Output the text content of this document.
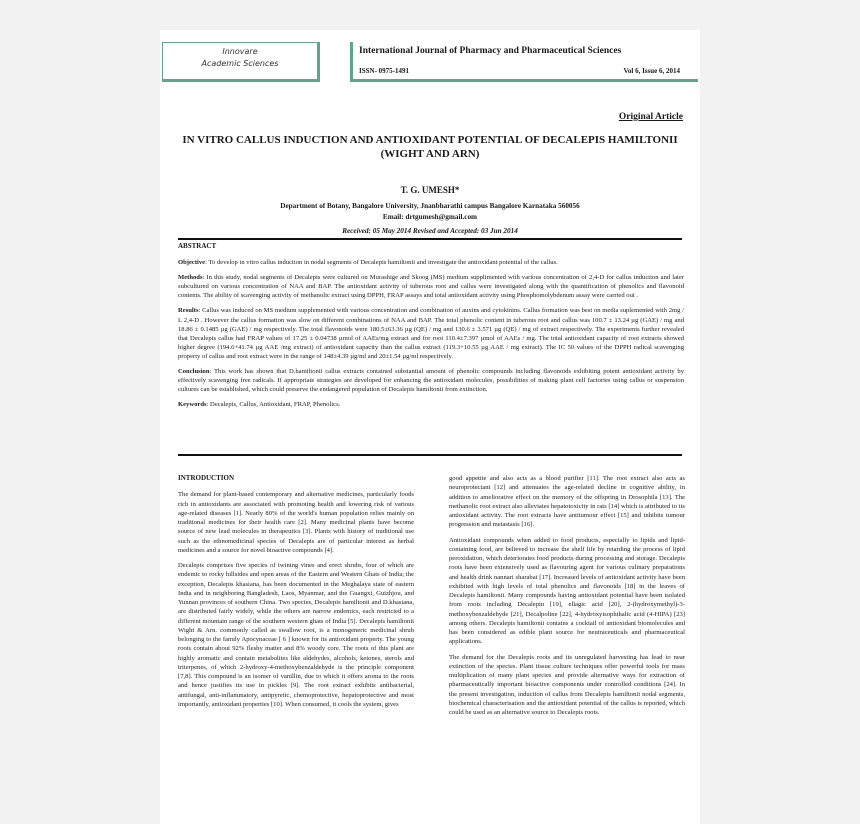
Innovare
Academic Sciences
International Journal of Pharmacy and Pharmaceutical Sciences
ISSN- 0975-1491	Vol 6, Issue 6, 2014
Original Article
IN VITRO CALLUS INDUCTION AND ANTIOXIDANT POTENTIAL OF DECALEPIS HAMILTONII (WIGHT AND ARN)
T. G. UMESH*
Department of Botany, Bangalore University, Jnanbharathi campus Bangalore Karnataka 560056
Email: drtgumesh@gmail.com
Received: 05 May 2014 Revised and Accepted: 03 Jun 2014
ABSTRACT

Objective: To develop in vitro callus induction in nodal segments of Decalepis hamiltonii and investigate the antioxidant potential of the callus.

Methods: In this study, nodal segments of Decalepis were cultured on Murashige and Skoog (MS) medium supplimented with various concentration of 2,4-D for callus induction and later subcultured on various concentration of NAA and BAP. The antioxidant activity of tuberous root and callus were investigated along with the quantification of phenolics and flavonoid contents. The ability of scavenging activity of methanolic extract using DPPH, FRAP assays and total antioxidant activity using Phosphomolybdenum assay were carried out .

Results: Callus was induced on MS medium supplemented with various concentration and combination of auxins and cytokinins. Callus formation was best on media suplemented with 2mg / L 2,4-D . However the callus formation was slow on different combinations of NAA and BAP. The total phenolic content in tuberous root and callus was 100.7 ± 13.24 µg (GAE) / mg and 18.86 ± 0.1485 µg (GAE) / mg respectively. The total flavonoids were 180.5±63.36 µg (QE) / mg and 130.6 ± 3.571 µg (QE) / mg of extract respectively. The experiments further revealed that Decalepis callus had FRAP values of 17.25 ± 0.04738 µmol of AAEs/mg extract and for root 110.4±7.397 µmol of AAEs / mg. The total antioxidant capacity of root extracts showed higher degree (194.6+41.74 µg AAE /mg extract) of antioxidant capacity than the callus extract (119.3+10.55 µg AAE / mg extract). The IC 50 values of the DPPH radical scavenging property of callus and root extract were in the range of 148±4.39 µg/ml and 20±1.54 µg/ml respectively.

Conclusion: This work has shown that D.hamiltonii callus extracts contained substantial amount of phenolic compounds including flavonoids exhibiting potent antioxidant activity by effectively scavenging free radicals. If appropriate strategies are developed for enhancing the antioxidant molecules, possibilities of making plant cell factories using callus or suspension cultures can be established, which could preserve the endangered population of Decalepis hamiltonii from extinction.

Keywords: Decalepis, Callus, Antioxidant, FRAP, Phenolics.

INTRODUCTION

The demand for plant-based contemporary and alternative medicines, particularly foods rich in antioxidants are associated with promoting health and lowering risk of various age-related diseases [1]. Nearly 80% of the world's human population relies mainly on traditional medicines for their health care [2]. Many medicinal plants have become source of new lead molecules in therapeutics [3]. Plants with history of traditional use such as the ethnomedicinal species of Decalepis are of particular interest as herbal medicines and a source for novel bioactive compounds [4].

Decalepis comprises five species of twining vines and erect shrubs, four of which are endemic to rocky hillsides and open areas of the Eastern and Western Ghats of India; the exception, Decalepis khasiana, has been documented in the Meghalaya state of eastern India and in neighboring Bangladesh, Laos, Myanmar, and the Guangxi, Guizhjou, and Yunnan provinces of southern China. Two species, Decalepis hamiltonii and D.khasiana, are distributed fairly widely, while the others are narrow endemics, each restricted to a different mountain range of the southern western ghats of India [5]. Decalepis hamiltonii Wight & Arn. commonly called as swallow root, is a monogeneric medicinal shrub belonging to the family Apocynaceae [ 6 ] known for its antioxidant property. The young roots contain about 92% fleshy matter and 8% woody core. The roots of this plant are highly aromatic and contain metabolites like aldehydes, alcohols, ketones, sterols and triterpenes, of which 2-hydroxy-4-methoxybenzaldehyde is the principle component [7,8]. This compound is an isomer of vanillin, due to which it offers aroma to the roots and hence justifies its use in pickles [9]. The root extract exhibits antibacterial, antifungal, anti-inflammatory, antipyretic, chemoprotective, hepatoprotective and most importantly, antioxidant properties [10]. When consumed, it cools the system, gives

good appetite and also acts as a blood purifier [11]. The root extract also acts as neuroprotectant [12] and attenuates the age-related decline in cognitive ability, in addition to ameliorative effect on the memory of the offspring in Drosophila [13]. The methanolic root extract also alleviates hepatotoxicity in rats [14] which is attributed to its antioxidant activity. The root extracts have antitumour effect [15] and inhibits tumour progression and metastasis [16].

Antioxidant compounds when added to food products, especially to lipids and lipid-containing food, are believed to increase the shelf life by retarding the process of lipid peroxidation, which deteriorates food products during processing and storage. Decalepis roots have been extensively used as flavouring agent for various culinary preparations and health drink nannari sharabat [17]. Increased levels of antioxidant activity have been exhibited with high levels of total phenolics and flavonoids [18] in the leaves of Decalepis hamiltonii. Many compounds having antioxidant potential have been isolated from roots including Decalepin [19], ellagic acid [20], 2-(hydroxymethyl)-3-methoxybenzaldehyde [21], Decalpoline [22], 4-hydroxyisophthalic acid (4-HIPA) [23] among others. Decalepis hamiltonii contains a cocktail of antioxidant biomolecules and has been considered as edible plant source for neutraceuticals and pharmaceutical applications.

The demand for the Decalepis roots and its unregulated harvesting has lead to near extinction of the species. Plant tissue culture techniques offer powerful tools for mass multiplication of many plant species and provide alternative ways for extraction of pharmaceutically important bioactive components under controlled conditions [24]. In the present investigation, induction of callus from Decalepis hamiltonii nodal segments, biochemical characterisation and the antioxidant potential of the callus is reported, which could be used as an alternative source to Decalepis roots.
